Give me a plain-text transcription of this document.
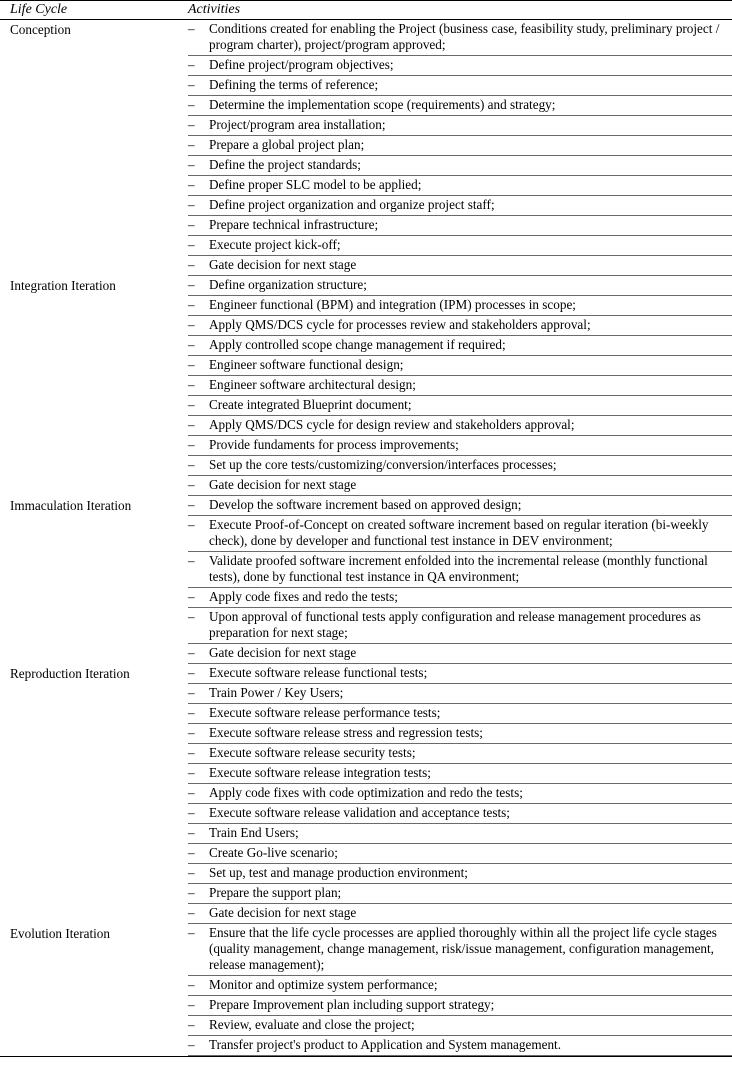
Life Cycle	Activities
Conception	– Conditions created for enabling the Project (business case, feasibility study, preliminary project / program charter), project/program approved;
– Define project/program objectives;
– Defining the terms of reference;
– Determine the implementation scope (requirements) and strategy;
– Project/program area installation;
– Prepare a global project plan;
– Define the project standards;
– Define proper SLC model to be applied;
– Define project organization and organize project staff;
– Prepare technical infrastructure;
– Execute project kick-off;
– Gate decision for next stage
Integration Iteration	– Define organization structure;
– Engineer functional (BPM) and integration (IPM) processes in scope;
– Apply QMS/DCS cycle for processes review and stakeholders approval;
– Apply controlled scope change management if required;
– Engineer software functional design;
– Engineer software architectural design;
– Create integrated Blueprint document;
– Apply QMS/DCS cycle for design review and stakeholders approval;
– Provide fundaments for process improvements;
– Set up the core tests/customizing/conversion/interfaces processes;
– Gate decision for next stage
Immaculation Iteration	– Develop the software increment based on approved design;
– Execute Proof-of-Concept on created software increment based on regular iteration (bi-weekly check), done by developer and functional test instance in DEV environment;
– Validate proofed software increment enfolded into the incremental release (monthly functional tests), done by functional test instance in QA environment;
– Apply code fixes and redo the tests;
– Upon approval of functional tests apply configuration and release management procedures as preparation for next stage;
– Gate decision for next stage
Reproduction Iteration	– Execute software release functional tests;
– Train Power / Key Users;
– Execute software release performance tests;
– Execute software release stress and regression tests;
– Execute software release security tests;
– Execute software release integration tests;
– Apply code fixes with code optimization and redo the tests;
– Execute software release validation and acceptance tests;
– Train End Users;
– Create Go-live scenario;
– Set up, test and manage production environment;
– Prepare the support plan;
– Gate decision for next stage
Evolution Iteration	– Ensure that the life cycle processes are applied thoroughly within all the project life cycle stages (quality management, change management, risk/issue management, configuration management, release management);
– Monitor and optimize system performance;
– Prepare Improvement plan including support strategy;
– Review, evaluate and close the project;
– Transfer project's product to Application and System management.
